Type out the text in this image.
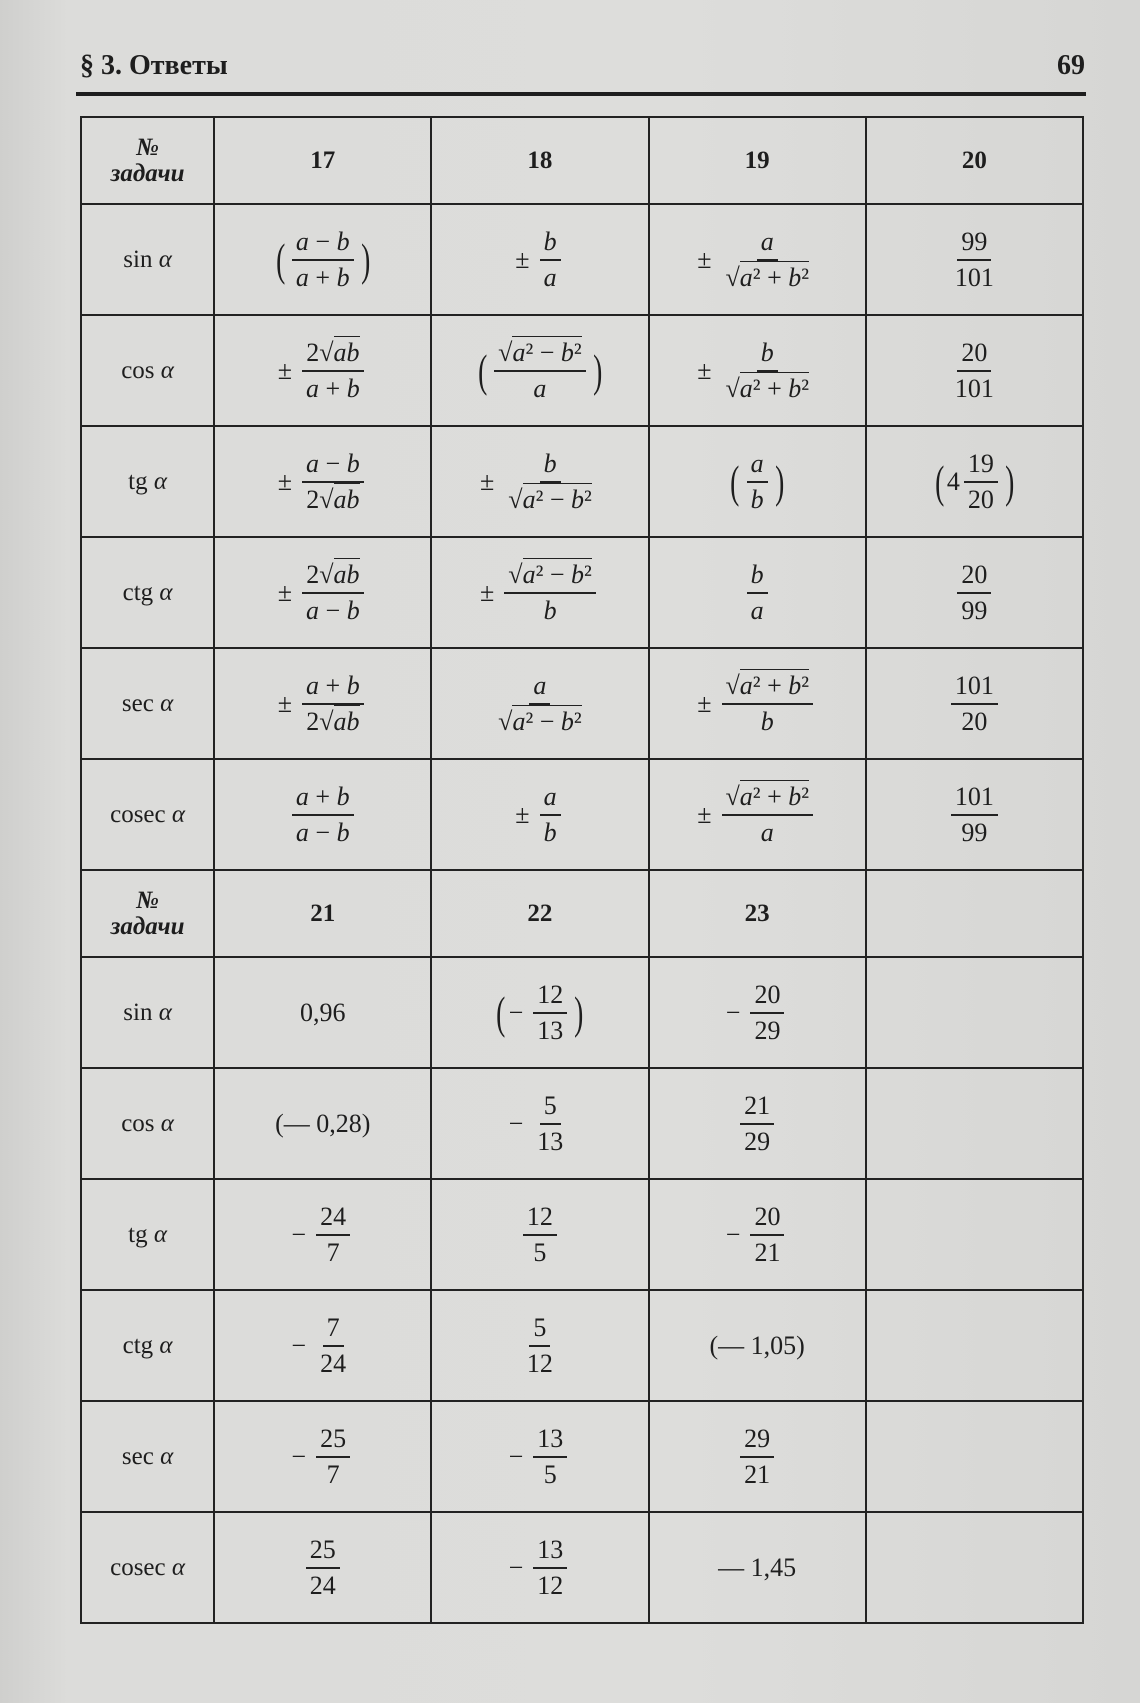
§ 3. Ответы	69
№
задачи	17	18	19	20
sin α	( $\frac{a - b}{a + b}$ )	± $\frac{b}{a}$	± $\frac{a}{\text{√a² + b²}}$	$\frac{99}{101}$

cos α	± $\frac{2√ab}{a + b}$	( $\frac{\text{√a² − b²}}{a}$ )	± $\frac{b}{\text{√a² + b²}}$	$\frac{20}{101}$

tg α	± $\frac{a - b}{2√ab}$	± $\frac{b}{\text{√a² − b²}}$	( $\frac{a}{b}$ )	( $4 \frac{19}{20}$ )

ctg α	± $\frac{2√ab}{a - b}$	± $\frac{\text{√a² − b²}}{b}$	$\frac{b}{a}$	$\frac{20}{99}$

sec α	± $\frac{a + b}{2√ab}$	$\frac{a}{\text{√a² − b²}}$	± $\frac{\text{√a² + b²}}{b}$	$\frac{101}{20}$

cosec α	$\frac{a + b}{a - b}$	± $\frac{a}{b}$	± $\frac{\text{√a² + b²}}{a}$	$\frac{101}{99}$

№
задачи	21	22	23	
sin α	0,96	( − $\frac{12}{13}$ )	− $\frac{20}{29}$

cos α	(— 0,28)	− $\frac{5}{13}$	$\frac{21}{29}$

tg α	− $\frac{24}{7}$	$\frac{12}{5}$	− $\frac{20}{21}$

ctg α	− $\frac{7}{24}$	$\frac{5}{12}$	(— 1,05)	
sec α	− $\frac{25}{7}$	− $\frac{13}{5}$	$\frac{29}{21}$

cosec α	$\frac{25}{24}$	− $\frac{13}{12}$	— 1,45	
